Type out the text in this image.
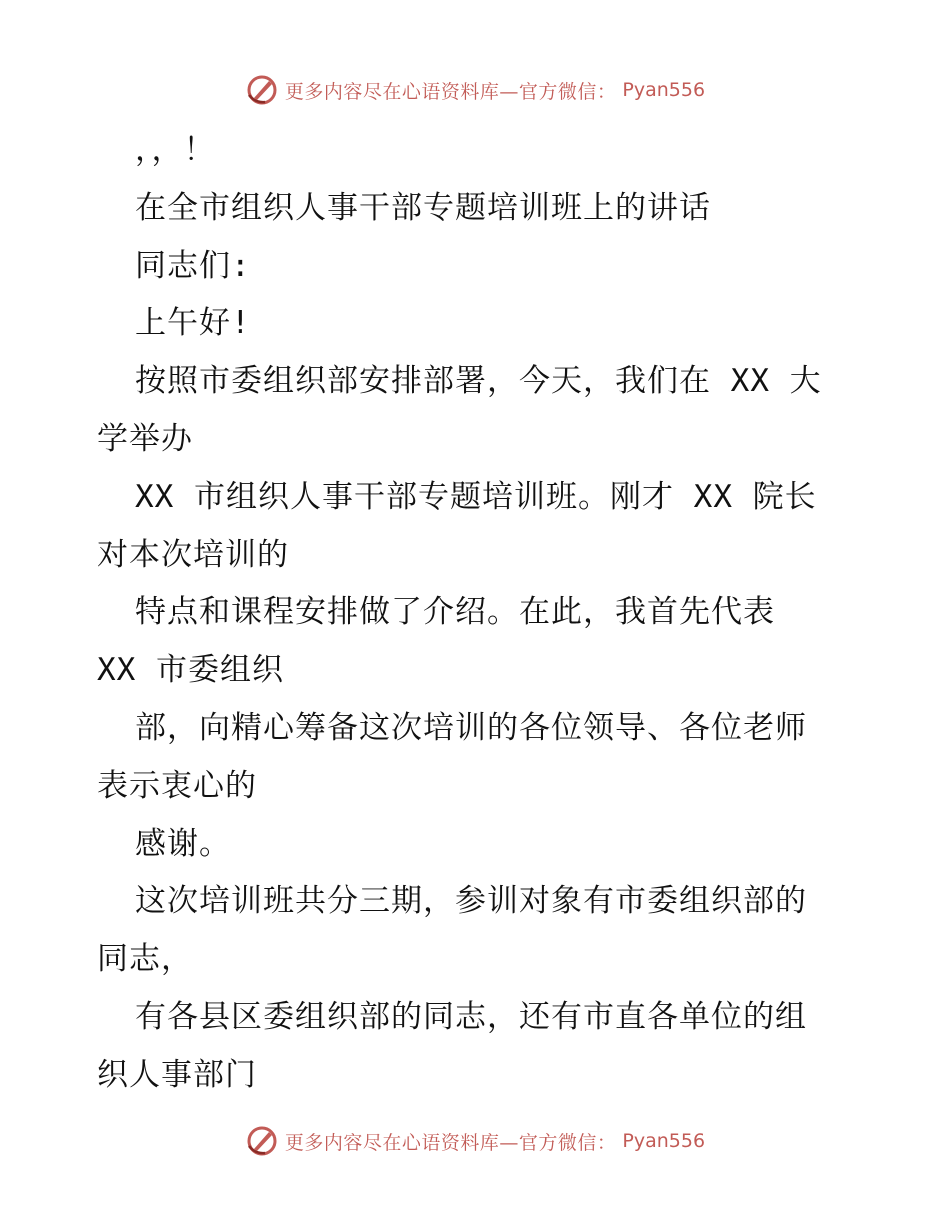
更多内容尽在心语资料库—官方微信： Pyan556
，，！
在全市组织人事干部专题培训班上的讲话
同志们:
上午好!
按照市委组织部安排部署，今天，我们在 XX 大
学举办
XX 市组织人事干部专题培训班。刚才 XX 院长
对本次培训的
特点和课程安排做了介绍。在此，我首先代表
XX 市委组织
部，向精心筹备这次培训的各位领导、各位老师
表示衷心的
感谢。
这次培训班共分三期，参训对象有市委组织部的
同志，
有各县区委组织部的同志，还有市直各单位的组
织人事部门
更多内容尽在心语资料库—官方微信： Pyan556
